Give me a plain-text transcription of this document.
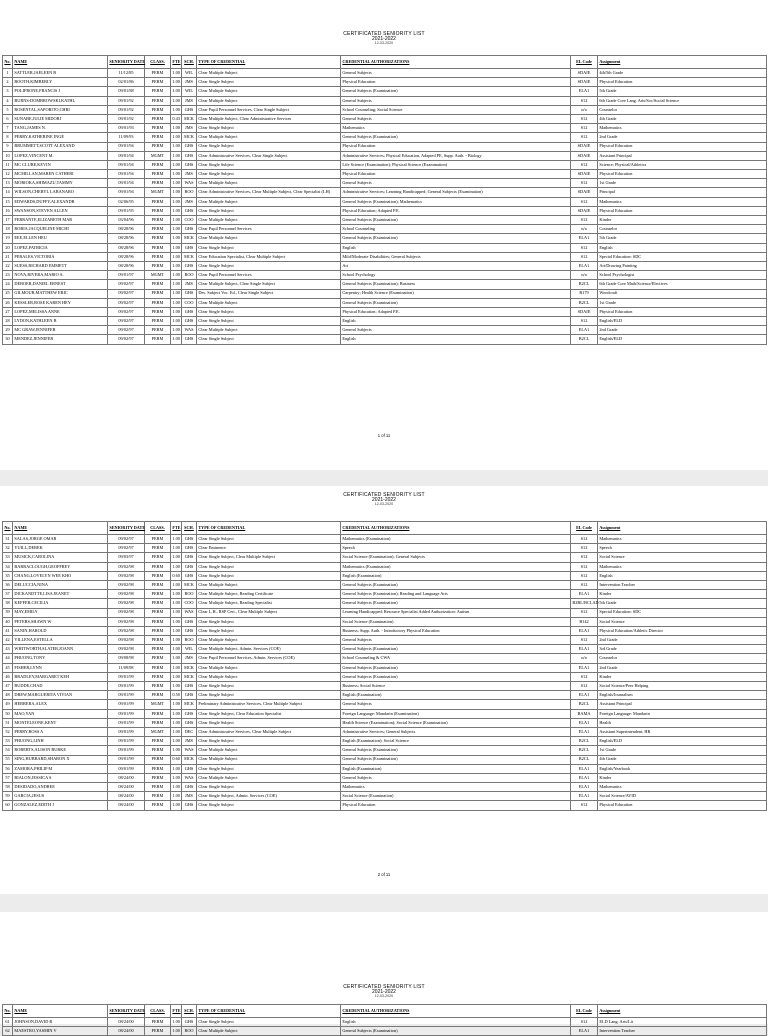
CERTIFICATED SENIORITY LIST
2021-2022
12-03-2020
No.	NAME	SENIORITY DATE	CLASS.	FTE	SCH.	TYPE OF CREDENTIAL	CREDENTIAL AUTHORIZATIONS	EL Code	Assignment
1	SATTLER,JAELEEN B	11/12/85	PERM	1.00	WIL	Clear Multiple Subject	General Subjects	SDAIE	4th/5th Grade
2	BOOTH,KIMBERLY	02/01/86	PERM	1.00	JMS	Clear Single Subject	Physical Education	SDAIE	Physical Education
3	POLIFRONE,FRANCIS J	09/01/88	PERM	1.00	WIL	Clear Multiple Subject	General Subjects (Examination)	ELA1	5th Grade
4	BURNS-DOMBROWSKI,KATHL	09/01/92	PERM	1.00	JMS	Clear Multiple Subject	General Subjects	S12	6th Grade Core Lang. Arts/Soc/Social Science
5	ROSENTAL,SAPORITO,CHRI	09/01/92	PERM	1.00	GHS	Clear Pupil Personnel Services, Clear Single Subject	School Counseling; Social Science	n/a	Counselor
6	SUNABE,JULIE MIDORI	09/01/92	PERM	0.43	MCK	Clear Multiple Subject, Clear Administrative Services	General Subjects	S12	4th Grade
7	TANG,JAMES N.	09/01/93	PERM	1.00	JMS	Clear Single Subject	Mathematics	S12	Mathematics
8	PERRY,KATHERINE INGE	11/09/93	PERM	1.00	MCK	Clear Multiple Subject	General Subjects (Examination)	S12	2nd Grade
9	BRUMMETT,SCOTT ALEXAND	09/01/94	PERM	1.00	GHS	Clear Single Subject	Physical Education	SDAIE	Physical Education
10	LOPEZ,VINCENT M.	09/01/94	MGMT	1.00	GHS	Clear Administrative Services, Clear Single Subject	Administrative Services; Physical Education, Adapted PE, Supp. Auth. - Biology	SDAIE	Assistant Principal
11	MC CLURE,KEVIN	09/01/94	PERM	1.00	GHS	Clear Single Subject	Life Science (Examination); Physical Science (Examination)	S12	Science; Physical/Athletics
12	MCMILLAN,MAREN CATHERI	09/01/94	PERM	1.00	JMS	Clear Single Subject	Physical Education	SDAIE	Physical Education
13	MORIOKA,SHIMAZU,TAMMY	09/01/94	PERM	1.00	WAS	Clear Multiple Subject	General Subjects	S12	1st Grade
14	WILSON,CHERYL LABANARO	09/01/94	MGMT	1.00	ROO	Clear Administrative Services, Clear Multiple Subject, Clear Specialist (LH)	Administrative Services; Learning Handicapped; General Subjects (Examination)	SDAIE	Principal
15	EDWARDS,DUFFY,ALEXANDR	02/06/95	PERM	1.00	JMS	Clear Multiple Subject	General Subjects (Examination); Mathematics	S12	Mathematics
16	SWANSON,STEVEN ALLEN	09/01/95	PERM	1.00	GHS	Clear Single Subject	Physical Education; Adapted P.E.	SDAIE	Physical Education
17	FERRANTE,ELIZABETH MAR	03/04/96	PERM	1.00	COO	Clear Multiple Subject	General Subjects (Examination)	S12	Kinder
18	ROBIA,JACQUELINE MICHI	08/28/96	PERM	1.00	GHS	Clear Pupil Personnel Services	School Counseling	n/a	Counselor
19	EEE,ELLEN HEU	08/28/96	PERM	1.00	MCK	Clear Multiple Subject	General Subjects (Examination)	ELA1	5th Grade
20	LOPEZ,PATRICIA	08/28/96	PERM	1.00	GHS	Clear Single Subject	English	S12	English
21	PERALES,VICTORIA	08/28/96	PERM	1.00	MCK	Clear Education Specialist, Clear Multiple Subject	Mild/Moderate Disabilities; General Subjects	S12	Special Education: SDC
22	SUESS,RICHARD EMMETT	08/28/96	PERM	1.00	GHS	Clear Single Subject	Art	ELA1	Art/Drawing Painting
23	NOVA,RIVERA,MARIO A.	09/01/97	MGMT	1.00	ROO	Clear Pupil Personnel Services	School Psychology	n/a	School Psychologist
24	DEBOER,DANIEL ERNEST	09/02/97	PERM	1.00	JMS	Clear Multiple Subject, Clear Single Subject	General Subjects (Examination); Business	B2CL	6th Grade Core Math/Science/Electives
25	GILMOUR,MATTHEW ERIC	09/02/97	PERM	1.00	GHS	Des. Subject Voc. Ed., Clear Single Subject	Carpentry; Health Science (Examination)	R179	Woodcraft
26	KESSLER,ROSE KAREN HEY	09/02/97	PERM	1.00	COO	Clear Multiple Subject	General Subjects (Examination)	B2CL	1st Grade
27	LOPEZ,MELISSA ANNE	09/02/97	PERM	1.00	GHS	Clear Single Subject	Physical Education; Adapted P.E.	SDAIE	Physical Education
28	LYDON,KATHLEEN B	09/02/97	PERM	1.00	GHS	Clear Single Subject	English	S12	English/ELD
29	MC GRAW,JENNIFER	09/02/97	PERM	1.00	WAS	Clear Multiple Subject	General Subjects	ELA1	2nd Grade
30	MENDEZ,JENNIFER	09/02/97	PERM	1.00	GHS	Clear Single Subject	English	B2CL	English/ELD
1 of 11
CERTIFICATED SENIORITY LIST
2021-2022
12-03-2020
No.	NAME	SENIORITY DATE	CLASS.	FTE	SCH.	TYPE OF CREDENTIAL	CREDENTIAL AUTHORIZATIONS	EL Code	Assignment
31	SALAS,JORGE OMAR	09/02/97	PERM	1.00	GHS	Clear Single Subject	Mathematics (Examination)	S12	Mathematics
32	YUILL,DEREK	09/02/97	PERM	1.00	GHS	Clear Eminence	Speech	S12	Speech
33	MUSICK,CAROLINA	09/03/97	PERM	1.00	GHS	Clear Single Subject, Clear Multiple Subject	Social Science (Examination); General Subjects	S12	Social Science
34	BARRACLOUGH,GEOFFREY	09/02/98	PERM	1.00	GHS	Clear Single Subject	Mathematics (Examination)	S12	Mathematics
35	CHANG,LOVELYN WEE KHO	09/02/98	PERM	0.60	GHS	Clear Single Subject	English (Examination)	S12	English
36	DELUCCIA,NINA	09/02/98	PERM	1.00	MCK	Clear Multiple Subject	General Subjects (Examination)	S12	Intervention Teacher
37	DICKANDTTE,LISA JEANET	09/02/98	PERM	1.00	ROO	Clear Multiple Subject, Reading Certificate	General Subjects (Examination); Reading and Language Arts	ELA1	Kinder
38	KEFFER,CECILIA	09/02/98	PERM	1.00	COO	Clear Multiple Subject, Reading Specialist	General Subjects (Examination)	B2BL/BCLAD	5th Grade
39	MAY,EMILY	09/02/98	PERM	1.00	WAS	Clear L.H., RSP Cert., Clear Multiple Subject	Learning Handicapped; Resource Specialist Added Authorization: Autism	S12	Special Education: SDC
40	PETERS,SHAWN W	09/02/98	PERM	1.00	GHS	Clear Single Subject	Social Science (Examination)	B142	Social Science
41	SANIN,HAROLD	09/02/98	PERM	1.00	GHS	Clear Single Subject	Business; Supp. Auth. - Introductory Physical Education	ELA1	Physical Education/Athletic Director
42	VILLENA,ESTELLA	09/02/98	PERM	1.00	ROO	Clear Multiple Subject	General Subjects	S12	2nd Grade
43	WHITWORTH,SLATER,JOANN	09/02/98	PERM	1.00	WIL	Clear Multiple Subject, Admin. Services (COE)	General Subjects (Examination)	ELA1	3rd Grade
44	PHUONG,TONY	09/08/98	PERM	1.00	JMS	Clear Pupil Personnel Services, Admin. Services (COE)	School Counseling & CWA	n/a	Counselor
45	FISHER,LYNN	11/09/98	PERM	1.00	MCK	Clear Multiple Subject	General Subjects (Examination)	ELA1	2nd Grade
46	BRADLEY,MARGARET KEH	09/01/99	PERM	1.00	MCK	Clear Multiple Subject	General Subjects (Examination)	S12	Kinder
47	BUDDE,CHAD	09/01/99	PERM	1.00	GHS	Clear Single Subject	Business; Social Science	S12	Social Science/Peer Helping
48	DREW,MARGUERITA VIVIAN	09/01/99	PERM	0.50	GHS	Clear Single Subject	English (Examination)	ELA1	English/Journalism
49	HERRERA,ALEX	09/01/99	MGMT	1.00	MCK	Preliminary Administrative Services, Clear Multiple Subject	General Subjects	B2CL	Assistant Principal
50	MAO,YAN	09/01/99	PERM	1.00	GHS	Clear Single Subject, Clear Education Specialist	Foreign Language: Mandarin (Examination)	BAMA	Foreign Language: Mandarin
51	MONTELEONE,KENT	09/01/99	PERM	1.00	GHS	Clear Single Subject	Health Science (Examination); Social Science (Examination)	ELA1	Health
52	PERRY,ROSS A	09/01/99	MGMT	1.00	DEC	Clear Administrative Services, Clear Multiple Subject	Administrative Services; General Subjects	ELA1	Assistant Superintendent, HR
53	PHUONG,LINH	09/01/99	PERM	1.00	JMS	Clear Single Subject	English (Examination); Social Science	B2CL	English/ELD
54	ROBERTS,ALISON BURKE	09/01/99	PERM	1.00	WAS	Clear Multiple Subject	General Subjects (Examination)	B2CL	1st Grade
55	SING,HUBBARD,SHARON X	09/01/99	PERM	0.60	MCK	Clear Multiple Subject	General Subjects (Examination)	B2CL	4th Grade
56	ZAMORA,PHILIP M	09/01/99	PERM	1.00	GHS	Clear Single Subject	English (Examination)	ELA1	English/Yearbook
57	BIALON,JESSICA S	08/24/00	PERM	1.00	WAS	Clear Multiple Subject	General Subjects	ELA1	Kinder
58	DESIDADO,ANDREE	08/24/00	PERM	1.00	GHS	Clear Single Subject	Mathematics	ELA1	Mathematics
59	GARCIA,JESUS	08/24/00	PERM	1.00	JMS	Clear Single Subject, Admin. Services (COE)	Social Science (Examination)	ELA1	Social Science/AVID
60	GONZALEZ,EDITH J	08/24/00	PERM	1.00	GHS	Clear Single Subject	Physical Education	S12	Physical Education
2 of 11
CERTIFICATED SENIORITY LIST
2021-2022
12-03-2020
No.	NAME	SENIORITY DATE	CLASS.	FTE	SCH.	TYPE OF CREDENTIAL	CREDENTIAL AUTHORIZATIONS	EL Code	Assignment
61	JOHNSON,DAVID R	08/24/00	PERM	1.00	GHS	Clear Single Subject	English	S12	ELD Lang. Arts/Lit
62	MAESTRO,YASMIN V	08/24/00	PERM	1.00	ROO	Clear Multiple Subject	General Subjects (Examination)	ELA1	Intervention Teacher
